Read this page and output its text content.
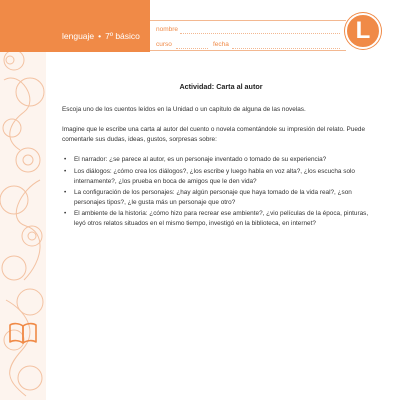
lenguaje • 7º básico
nombre
curso	fecha
L

Actividad: Carta al autor

Escoja uno de los cuentos leídos en la Unidad o un capítulo de alguna de las novelas.

Imagine que le escribe una carta al autor del cuento o novela comentándole su impresión del relato. Puede comentarle sus dudas, ideas, gustos, sorpresas sobre:

• El narrador: ¿se parece al autor, es un personaje inventado o tomado de su experiencia?
• Los diálogos: ¿cómo crea los diálogos?, ¿los escribe y luego habla en voz alta?, ¿los escucha solo internamente?, ¿los prueba en boca de amigos que le den vida?
• La configuración de los personajes: ¿hay algún personaje que haya tomado de la vida real?, ¿son personajes tipos?, ¿le gusta más un personaje que otro?
• El ambiente de la historia: ¿cómo hizo para recrear ese ambiente?, ¿vio películas de la época, pinturas, leyó otros relatos situados en el mismo tiempo, investigó en la biblioteca, en internet?
